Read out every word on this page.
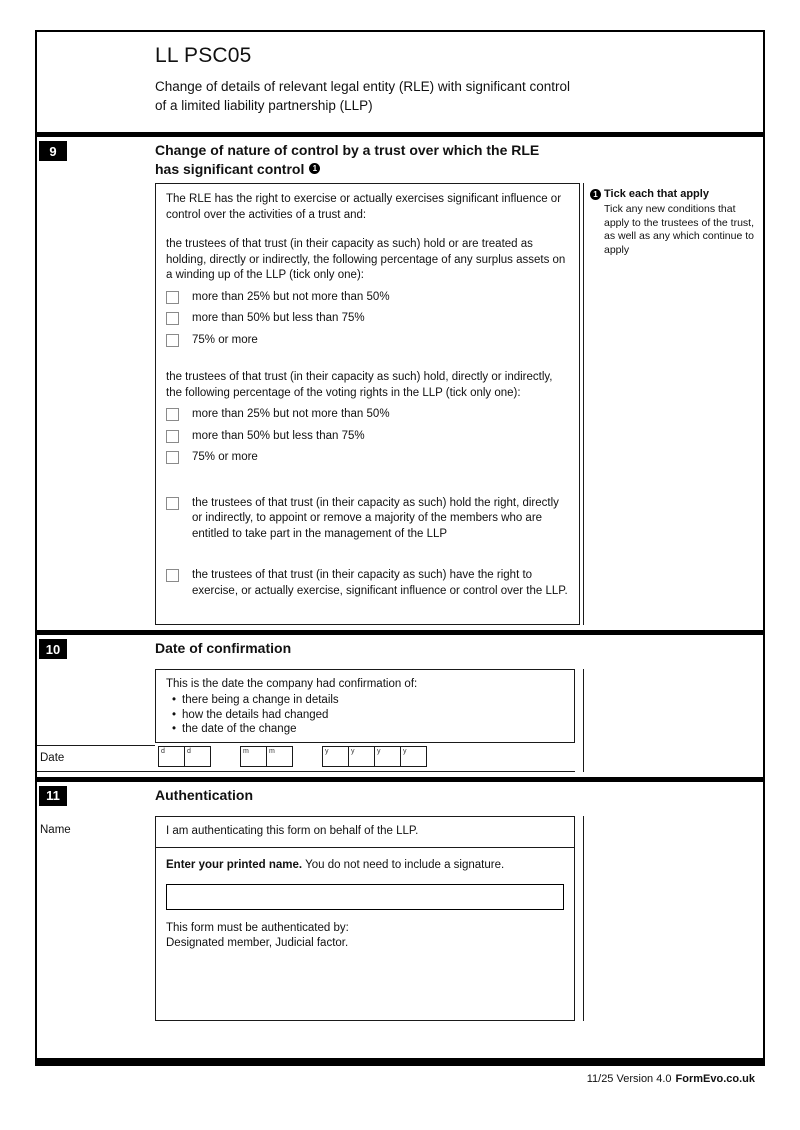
LL PSC05
Change of details of relevant legal entity (RLE) with significant control
of a limited liability partnership (LLP)
9	Change of nature of control by a trust over which the RLE
has significant control 1

The RLE has the right to exercise or actually exercises significant influence or control over the activities of a trust and:

the trustees of that trust (in their capacity as such) hold or are treated as holding, directly or indirectly, the following percentage of any surplus assets on a winding up of the LLP (tick only one):

more than 25% but not more than 50%
more than 50% but less than 75%
75% or more

the trustees of that trust (in their capacity as such) hold, directly or indirectly, the following percentage of the voting rights in the LLP (tick only one):

more than 25% but not more than 50%
more than 50% but less than 75%
75% or more
the trustees of that trust (in their capacity as such) hold the right, directly or indirectly, to appoint or remove a majority of the members who are entitled to take part in the management of the LLP
the trustees of that trust (in their capacity as such) have the right to exercise, or actually exercise, significant influence or control over the LLP.
1 Tick each that apply

Tick any new conditions that apply to the trustees of the trust, as well as any which continue to apply

10	Date of confirmation

This is the date the company had confirmation of:

• there being a change in details
• how the details had changed
• the date of the change
Date
d	d	m	m	y	y	y	y
11	Authentication
Name	I am authenticating this form on behalf of the LLP.
Enter your printed name. You do not need to include a signature.
This form must be authenticated by:
Designated member, Judicial factor.
11/25 Version 4.0 FormEvo.co.uk
